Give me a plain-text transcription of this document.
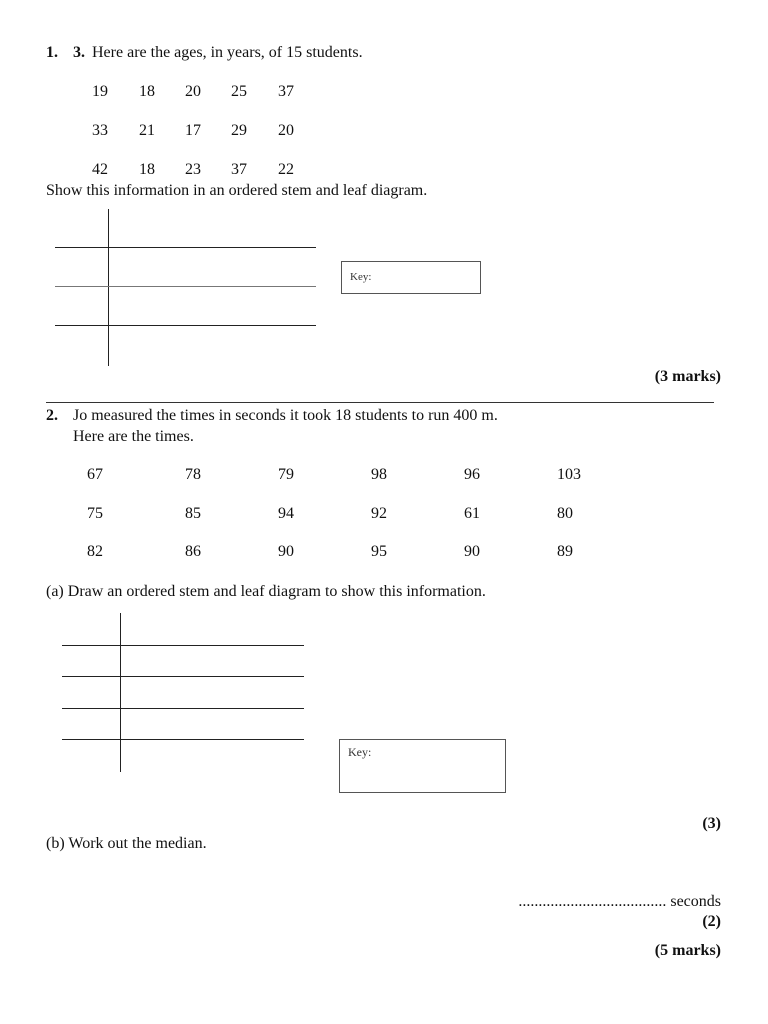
1. 3. Here are the ages, in years, of 15 students.
19 18 20 25 37
33 21 17 29 20
42 18 23 37 22
Show this information in an ordered stem and leaf diagram.
Key:
(3 marks)
2. Jo measured the times in seconds it took 18 students to run 400 m.
Here are the times.
67	78	79	98	96	103
75	85	94	92	61	80
82	86	90	95	90	89
(a) Draw an ordered stem and leaf diagram to show this information.
Key:
(3)
(b) Work out the median.
..................................... seconds
(2)
(5 marks)
